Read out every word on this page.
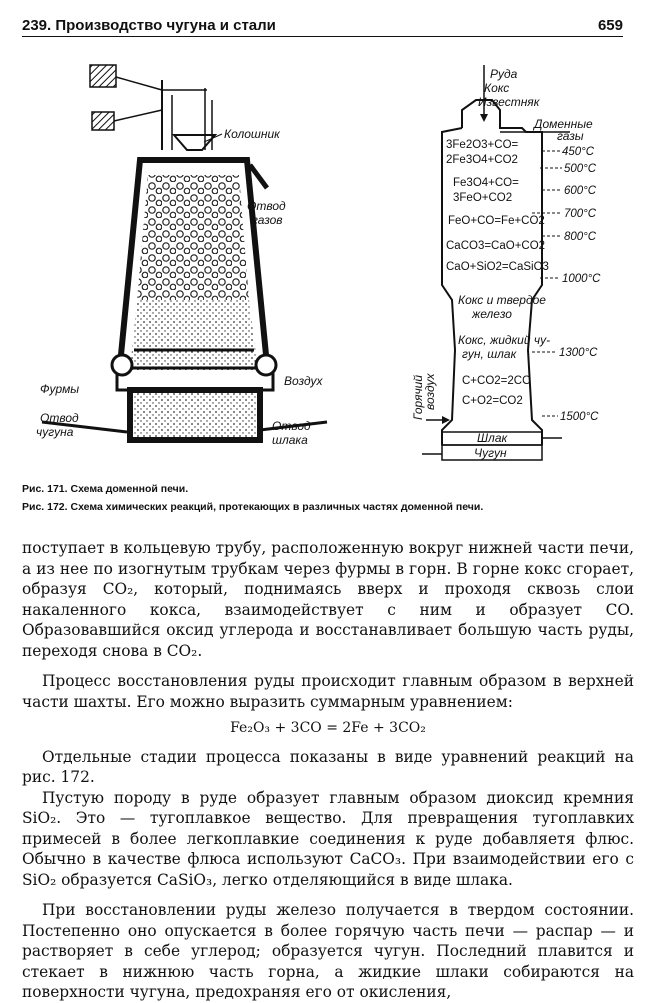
239. Производство чугуна и стали	659
Колошник
Отвод
газов
Воздух
Фурмы
Отвод
чугуна	Отвод
шлака
Руда
Кокс
Известняк
Доменные
газы
3Fe2O3+CO=
2Fe3O4+CO2
Fe3O4+CO=
3FeO+CO2
FeO+CO=Fe+CO2
CaCO3=CaO+CO2
CaO+SiO2=CaSiO3
450°C
500°C
600°C
700°C
800°C
1000°C
Кокс и твердое
железо
Кокс, жидкий чу-
гун, шлак	1300°C
C+CO2=2CO
C+O2=CO2
1500°C
Горячий
воздух
Шлак
Чугун
Рис. 171. Схема доменной печи.
Рис. 172. Схема химических реакций, протекающих в различных частях доменной печи.

поступает в кольцевую трубу, расположенную вокруг нижней части печи, а из нее по изогнутым трубкам через фурмы в горн. В горне кокс сгорает, образуя CO₂, который, поднимаясь вверх и проходя сквозь слои накаленного кокса, взаимодействует с ним и образует CO. Образовавшийся оксид углерода и восстанавливает большую часть руды, переходя снова в CO₂.

Процесс восстановления руды происходит главным образом в верхней части шахты. Его можно выразить суммарным уравнением:

Fe₂O₃ + 3CO = 2Fe + 3CO₂

Отдельные стадии процесса показаны в виде уравнений реакций на рис. 172.

Пустую породу в руде образует главным образом диоксид кремния SiO₂. Это — тугоплавкое вещество. Для превращения тугоплавких примесей в более легкоплавкие соединения к руде добавляетя флюс. Обычно в качестве флюса используют CaCO₃. При взаимодействии его с SiO₂ образуется CaSiO₃, легко отделяющийся в виде шлака.

При восстановлении руды железо получается в твердом состоянии. Постепенно оно опускается в более горячую часть печи — распар — и растворяет в себе углерод; образуется чугун. Последний плавится и стекает в нижнюю часть горна, а жидкие шлаки собираются на поверхности чугуна, предохраняя его от окисления,
